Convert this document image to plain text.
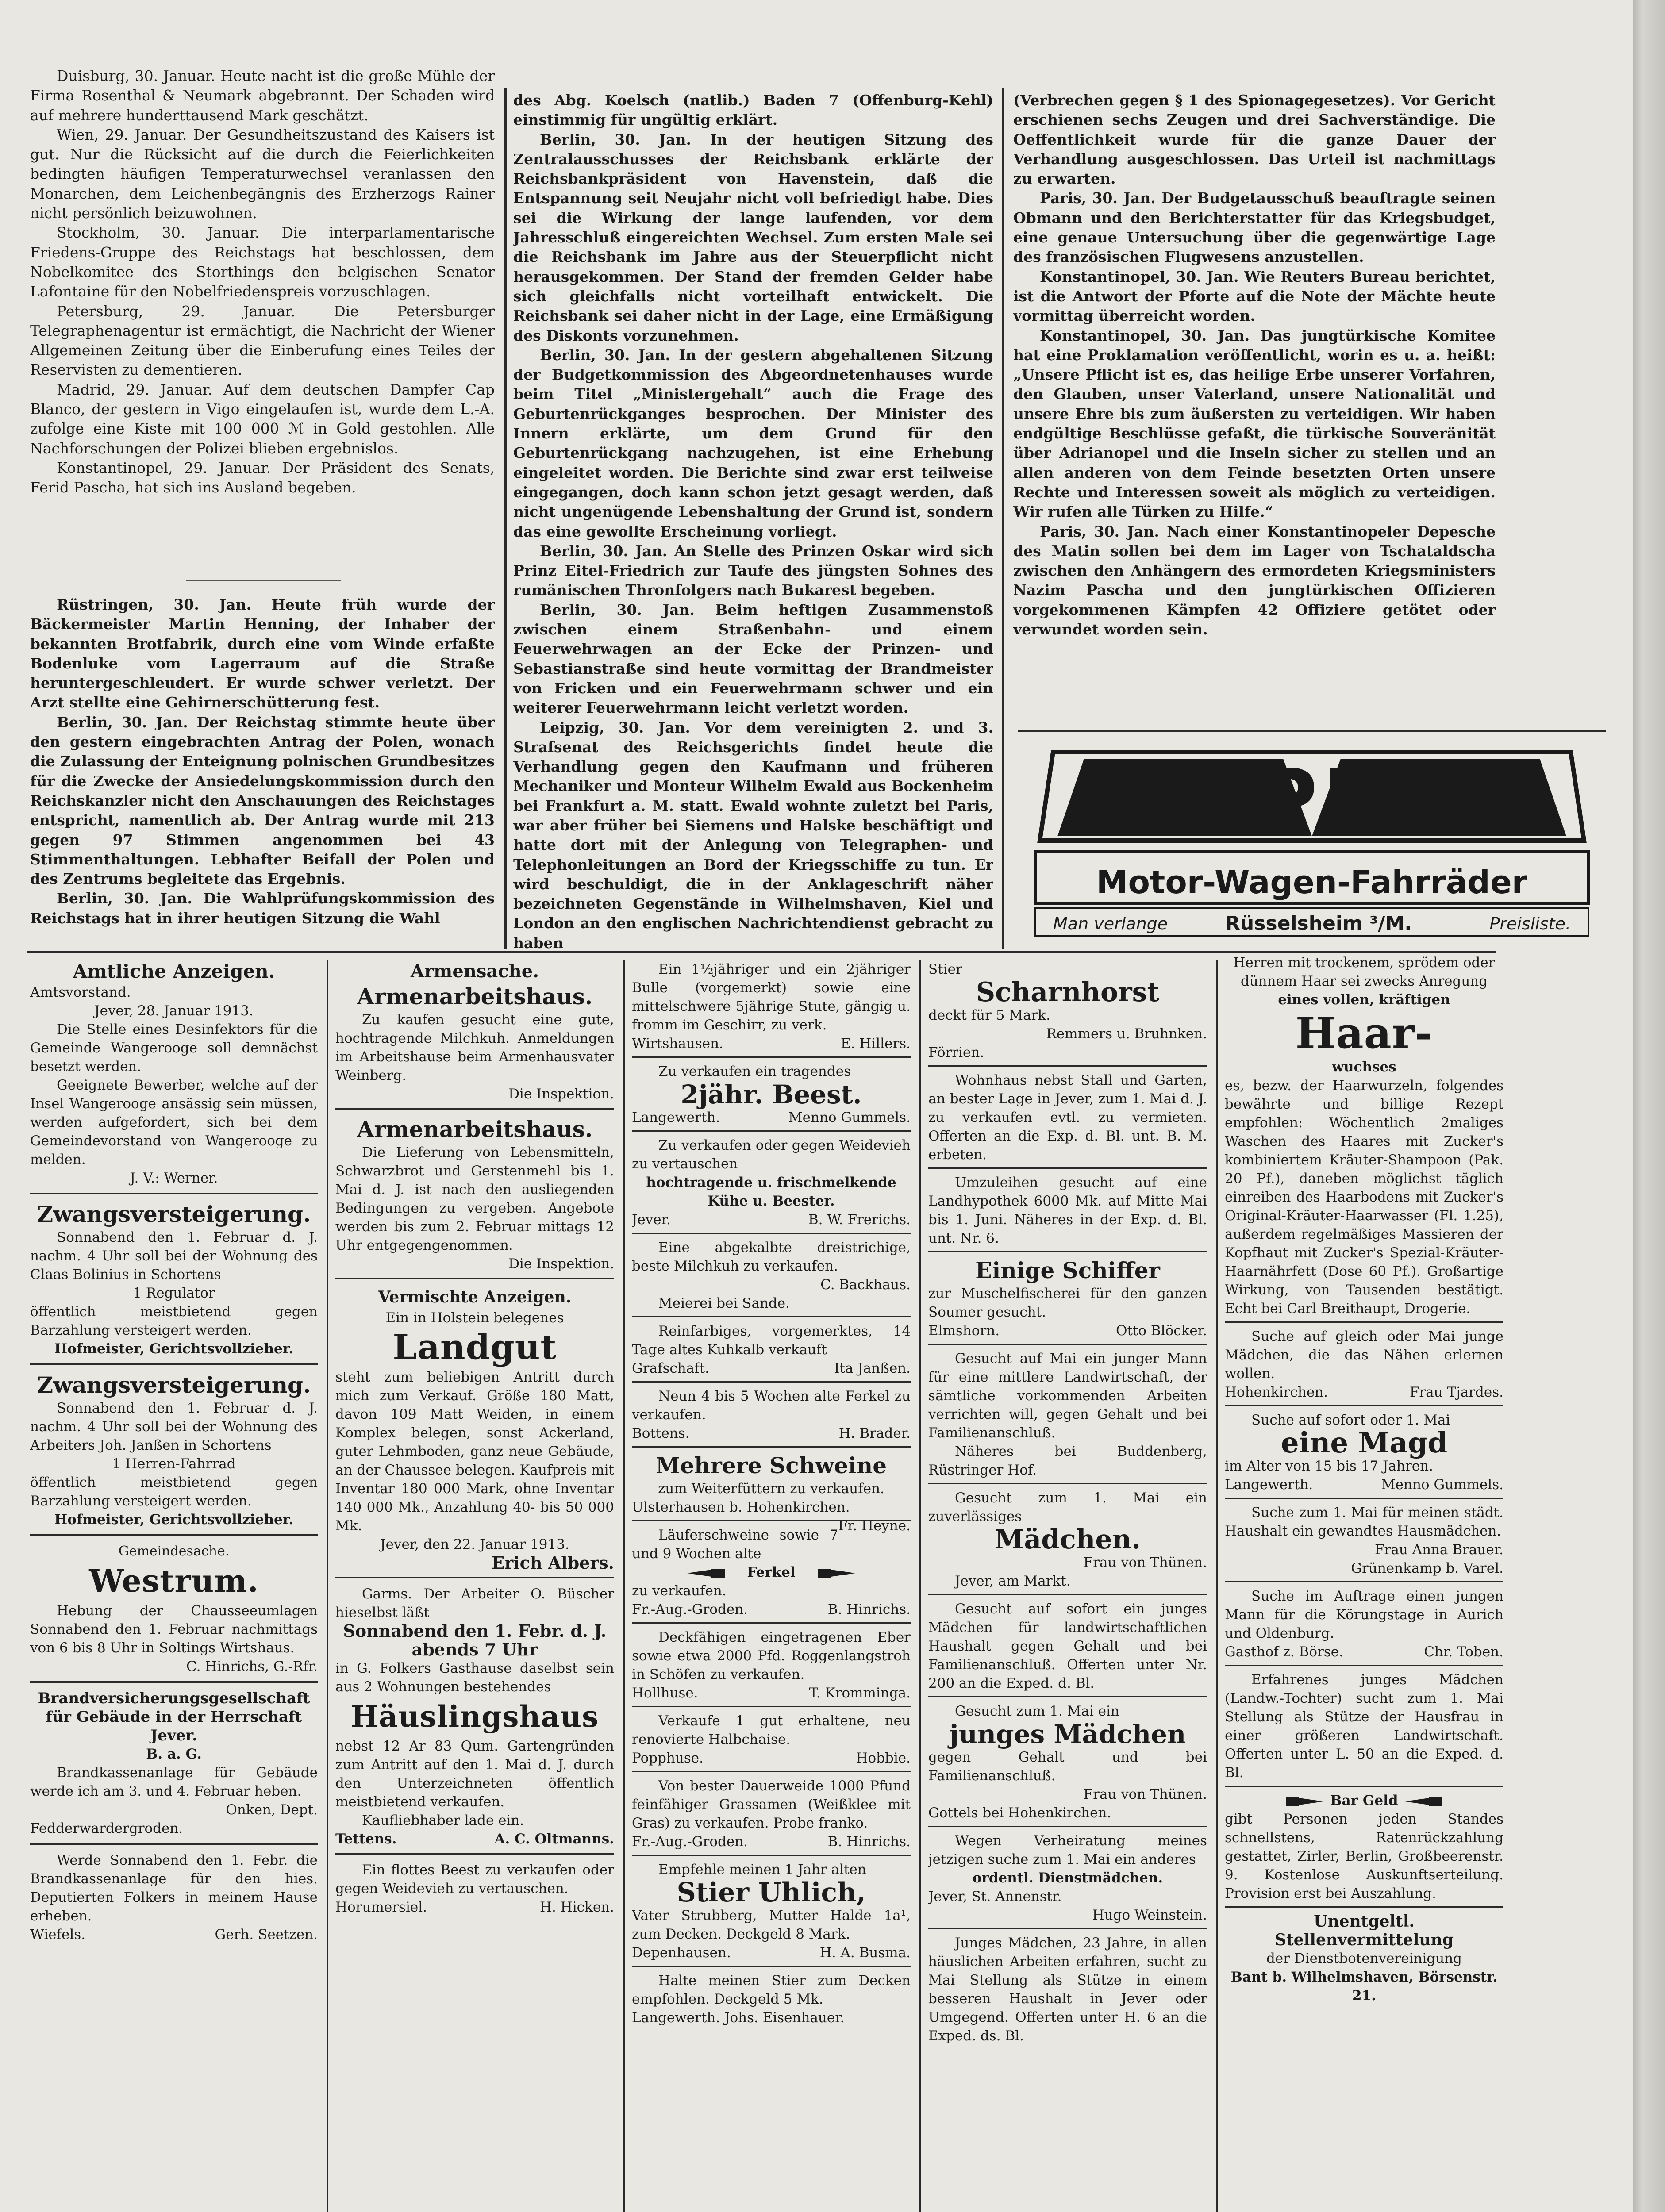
Duisburg, 30. Januar. Heute nacht ist die große Mühle der Firma Rosenthal & Neumark abgebrannt. Der Schaden wird auf mehrere hunderttausend Mark geschätzt.

Wien, 29. Januar. Der Gesundheitszustand des Kaisers ist gut. Nur die Rücksicht auf die durch die Feierlichkeiten bedingten häufigen Temperaturwechsel veranlassen den Monarchen, dem Leichenbegängnis des Erzherzogs Rainer nicht persönlich beizuwohnen.

Stockholm, 30. Januar. Die interparlamentarische Friedens-Gruppe des Reichstags hat beschlossen, dem Nobelkomitee des Storthings den belgischen Senator Lafontaine für den Nobelfriedenspreis vorzuschlagen.

Petersburg, 29. Januar. Die Petersburger Telegraphenagentur ist ermächtigt, die Nachricht der Wiener Allgemeinen Zeitung über die Einberufung eines Teiles der Reservisten zu dementieren.

Madrid, 29. Januar. Auf dem deutschen Dampfer Cap Blanco, der gestern in Vigo eingelaufen ist, wurde dem L.-A. zufolge eine Kiste mit 100 000 ℳ in Gold gestohlen. Alle Nachforschungen der Polizei blieben ergebnislos.

Konstantinopel, 29. Januar. Der Präsident des Senats, Ferid Pascha, hat sich ins Ausland begeben.

Rüstringen, 30. Jan. Heute früh wurde der Bäckermeister Martin Henning, der Inhaber der bekannten Brotfabrik, durch eine vom Winde erfaßte Bodenluke vom Lagerraum auf die Straße heruntergeschleudert. Er wurde schwer verletzt. Der Arzt stellte eine Gehirnerschütterung fest.

Berlin, 30. Jan. Der Reichstag stimmte heute über den gestern eingebrachten Antrag der Polen, wonach die Zulassung der Enteignung polnischen Grundbesitzes für die Zwecke der Ansiedelungskommission durch den Reichskanzler nicht den Anschauungen des Reichstages entspricht, namentlich ab. Der Antrag wurde mit 213 gegen 97 Stimmen angenommen bei 43 Stimmenthaltungen. Lebhafter Beifall der Polen und des Zentrums begleitete das Ergebnis.

Berlin, 30. Jan. Die Wahlprüfungskommission des Reichstags hat in ihrer heutigen Sitzung die Wahl

des Abg. Koelsch (natlib.) Baden 7 (Offenburg-Kehl) einstimmig für ungültig erklärt.

Berlin, 30. Jan. In der heutigen Sitzung des Zentralausschusses der Reichsbank erklärte der Reichsbankpräsident von Havenstein, daß die Entspannung seit Neujahr nicht voll befriedigt habe. Dies sei die Wirkung der lange laufenden, vor dem Jahresschluß eingereichten Wechsel. Zum ersten Male sei die Reichsbank im Jahre aus der Steuerpflicht nicht herausgekommen. Der Stand der fremden Gelder habe sich gleichfalls nicht vorteilhaft entwickelt. Die Reichsbank sei daher nicht in der Lage, eine Ermäßigung des Diskonts vorzunehmen.

Berlin, 30. Jan. In der gestern abgehaltenen Sitzung der Budgetkommission des Abgeordnetenhauses wurde beim Titel „Ministergehalt“ auch die Frage des Geburtenrückganges besprochen. Der Minister des Innern erklärte, um dem Grund für den Geburtenrückgang nachzugehen, ist eine Erhebung eingeleitet worden. Die Berichte sind zwar erst teilweise eingegangen, doch kann schon jetzt gesagt werden, daß nicht ungenügende Lebenshaltung der Grund ist, sondern das eine gewollte Erscheinung vorliegt.

Berlin, 30. Jan. An Stelle des Prinzen Oskar wird sich Prinz Eitel-Friedrich zur Taufe des jüngsten Sohnes des rumänischen Thronfolgers nach Bukarest begeben.

Berlin, 30. Jan. Beim heftigen Zusammenstoß zwischen einem Straßenbahn- und einem Feuerwehrwagen an der Ecke der Prinzen- und Sebastianstraße sind heute vormittag der Brandmeister von Fricken und ein Feuerwehrmann schwer und ein weiterer Feuerwehrmann leicht verletzt worden.

Leipzig, 30. Jan. Vor dem vereinigten 2. und 3. Strafsenat des Reichsgerichts findet heute die Verhandlung gegen den Kaufmann und früheren Mechaniker und Monteur Wilhelm Ewald aus Bockenheim bei Frankfurt a. M. statt. Ewald wohnte zuletzt bei Paris, war aber früher bei Siemens und Halske beschäftigt und hatte dort mit der Anlegung von Telegraphen- und Telephonleitungen an Bord der Kriegsschiffe zu tun. Er wird beschuldigt, die in der Anklageschrift näher bezeichneten Gegenstände in Wilhelmshaven, Kiel und London an den englischen Nachrichtendienst gebracht zu haben

(Verbrechen gegen § 1 des Spionagegesetzes). Vor Gericht erschienen sechs Zeugen und drei Sachverständige. Die Oeffentlichkeit wurde für die ganze Dauer der Verhandlung ausgeschlossen. Das Urteil ist nachmittags zu erwarten.

Paris, 30. Jan. Der Budgetausschuß beauftragte seinen Obmann und den Berichterstatter für das Kriegsbudget, eine genaue Untersuchung über die gegenwärtige Lage des französischen Flugwesens anzustellen.

Konstantinopel, 30. Jan. Wie Reuters Bureau berichtet, ist die Antwort der Pforte auf die Note der Mächte heute vormittag überreicht worden.

Konstantinopel, 30. Jan. Das jungtürkische Komitee hat eine Proklamation veröffentlicht, worin es u. a. heißt: „Unsere Pflicht ist es, das heilige Erbe unserer Vorfahren, den Glauben, unser Vaterland, unsere Nationalität und unsere Ehre bis zum äußersten zu verteidigen. Wir haben endgültige Beschlüsse gefaßt, die türkische Souveränität über Adrianopel und die Inseln sicher zu stellen und an allen anderen von dem Feinde besetzten Orten unsere Rechte und Interessen soweit als möglich zu verteidigen. Wir rufen alle Türken zu Hilfe.“

Paris, 30. Jan. Nach einer Konstantinopeler Depesche des Matin sollen bei dem im Lager von Tschataldscha zwischen den Anhängern des ermordeten Kriegsministers Nazim Pascha und den jungtürkischen Offizieren vorgekommenen Kämpfen 42 Offiziere getötet oder verwundet worden sein.

OPEL
Motor-Wagen-Fahrräder
Man verlange	Rüsselsheim ³/M.	Preisliste.
Amtliche Anzeigen.

Amtsvorstand.

Jever, 28. Januar 1913.

Die Stelle eines Desinfektors für die Gemeinde Wangerooge soll demnächst besetzt werden.

Geeignete Bewerber, welche auf der Insel Wangerooge ansässig sein müssen, werden aufgefordert, sich bei dem Gemeindevorstand von Wangerooge zu melden.

J. V.: Werner.

Zwangsversteigerung.

Sonnabend den 1. Februar d. J. nachm. 4 Uhr soll bei der Wohnung des Claas Bolinius in Schortens

1 Regulator

öffentlich meistbietend gegen Barzahlung versteigert werden.

Hofmeister, Gerichtsvollzieher.

Zwangsversteigerung.

Sonnabend den 1. Februar d. J. nachm. 4 Uhr soll bei der Wohnung des Arbeiters Joh. Janßen in Schortens

1 Herren-Fahrrad

öffentlich meistbietend gegen Barzahlung versteigert werden.

Hofmeister, Gerichtsvollzieher.

Gemeindesache.

Westrum.

Hebung der Chausseeumlagen Sonnabend den 1. Februar nachmittags von 6 bis 8 Uhr in Soltings Wirtshaus.

C. Hinrichs, G.-Rfr.

Brandversicherungsgesellschaft für Gebäude in der Herrschaft Jever.

B. a. G.

Brandkassenanlage für Gebäude werde ich am 3. und 4. Februar heben.

Onken, Dept.

Fedderwardergroden.

Werde Sonnabend den 1. Febr. die Brandkassenanlage für den hies. Deputierten Folkers in meinem Hause erheben.

Wiefels.	Gerh. Seetzen.

Armensache.
Armenarbeitshaus.

Zu kaufen gesucht eine gute, hochtragende Milchkuh. Anmeldungen im Arbeitshause beim Armenhausvater Weinberg.

Die Inspektion.

Armenarbeitshaus.

Die Lieferung von Lebensmitteln, Schwarzbrot und Gerstenmehl bis 1. Mai d. J. ist nach den ausliegenden Bedingungen zu vergeben. Angebote werden bis zum 2. Februar mittags 12 Uhr entgegengenommen.

Die Inspektion.

Vermischte Anzeigen.

Ein in Holstein belegenes

Landgut

steht zum beliebigen Antritt durch mich zum Verkauf. Größe 180 Matt, davon 109 Matt Weiden, in einem Komplex belegen, sonst Ackerland, guter Lehmboden, ganz neue Gebäude, an der Chaussee belegen. Kaufpreis mit Inventar 180 000 Mark, ohne Inventar 140 000 Mk., Anzahlung 40- bis 50 000 Mk.

Jever, den 22. Januar 1913.

Erich Albers.

Garms. Der Arbeiter O. Büscher hieselbst läßt

Sonnabend den 1. Febr. d. J.

abends 7 Uhr

in G. Folkers Gasthause daselbst sein aus 2 Wohnungen bestehendes

Häuslingshaus

nebst 12 Ar 83 Qum. Gartengründen zum Antritt auf den 1. Mai d. J. durch den Unterzeichneten öffentlich meistbietend verkaufen.

Kaufliebhaber lade ein.

Tettens.	A. C. Oltmanns.

Ein flottes Beest zu verkaufen oder gegen Weidevieh zu vertauschen.

Horumersiel.	H. Hicken.

Ein 1½jähriger und ein 2jähriger Bulle (vorgemerkt) sowie eine mittelschwere 5jährige Stute, gängig u. fromm im Geschirr, zu verk.

Wirtshausen.	E. Hillers.

Zu verkaufen ein tragendes

2jähr. Beest.

Langewerth.	Menno Gummels.

Zu verkaufen oder gegen Weidevieh zu vertauschen

hochtragende u. frischmelkende Kühe u. Beester.

Jever.	B. W. Frerichs.

Eine abgekalbte dreistrichige, beste Milchkuh zu verkaufen.

C. Backhaus.

Meierei bei Sande.

Reinfarbiges, vorgemerktes, 14 Tage altes Kuhkalb verkauft

Grafschaft.	Ita Janßen.

Neun 4 bis 5 Wochen alte Ferkel zu verkaufen.

Bottens.	H. Brader.

Mehrere Schweine

zum Weiterfüttern zu verkaufen.

Ulsterhausen b. Hohenkirchen.
Fr. Heyne.

Läuferschweine sowie 7 und 9 Wochen alte

Ferkel

zu verkaufen.

Fr.-Aug.-Groden.	B. Hinrichs.

Deckfähigen eingetragenen Eber sowie etwa 2000 Pfd. Roggenlangstroh in Schöfen zu verkaufen.

Hollhuse.	T. Kromminga.

Verkaufe 1 gut erhaltene, neu renovierte Halbchaise.

Popphuse.	Hobbie.

Von bester Dauerweide 1000 Pfund feinfähiger Grassamen (Weißklee mit Gras) zu verkaufen. Probe franko.

Fr.-Aug.-Groden.	B. Hinrichs.

Empfehle meinen 1 Jahr alten

Stier Uhlich,

Vater Strubberg, Mutter Halde 1a¹, zum Decken. Deckgeld 8 Mark.

Depenhausen.	H. A. Busma.

Halte meinen Stier zum Decken empfohlen. Deckgeld 5 Mk.

Langewerth. Johs. Eisenhauer.

Stier

Scharnhorst

deckt für 5 Mark.

Remmers u. Bruhnken.

Förrien.

Wohnhaus nebst Stall und Garten, an bester Lage in Jever, zum 1. Mai d. J. zu verkaufen evtl. zu vermieten. Offerten an die Exp. d. Bl. unt. B. M. erbeten.

Umzuleihen gesucht auf eine Landhypothek 6000 Mk. auf Mitte Mai bis 1. Juni. Näheres in der Exp. d. Bl. unt. Nr. 6.

Einige Schiffer

zur Muschelfischerei für den ganzen Soumer gesucht.

Elmshorn.	Otto Blöcker.

Gesucht auf Mai ein junger Mann für eine mittlere Landwirtschaft, der sämtliche vorkommenden Arbeiten verrichten will, gegen Gehalt und bei Familienanschluß.

Näheres bei Buddenberg, Rüstringer Hof.

Gesucht zum 1. Mai ein zuverlässiges

Mädchen.

Frau von Thünen.

Jever, am Markt.

Gesucht auf sofort ein junges Mädchen für landwirtschaftlichen Haushalt gegen Gehalt und bei Familienanschluß. Offerten unter Nr. 200 an die Exped. d. Bl.

Gesucht zum 1. Mai ein

junges Mädchen

gegen Gehalt und bei Familienanschluß.

Frau von Thünen.

Gottels bei Hohenkirchen.

Wegen Verheiratung meines jetzigen suche zum 1. Mai ein anderes

ordentl. Dienstmädchen.

Jever, St. Annenstr.

Hugo Weinstein.

Junges Mädchen, 23 Jahre, in allen häuslichen Arbeiten erfahren, sucht zu Mai Stellung als Stütze in einem besseren Haushalt in Jever oder Umgegend. Offerten unter H. 6 an die Exped. ds. Bl.

Herren mit trockenem, sprödem oder dünnem Haar sei zwecks Anregung

eines vollen, kräftigen

Haar-

wuchses

es, bezw. der Haarwurzeln, folgendes bewährte und billige Rezept empfohlen: Wöchentlich 2maliges Waschen des Haares mit Zucker's kombiniertem Kräuter-Shampoon (Pak. 20 Pf.), daneben möglichst täglich einreiben des Haarbodens mit Zucker's Original-Kräuter-Haarwasser (Fl. 1.25), außerdem regelmäßiges Massieren der Kopfhaut mit Zucker's Spezial-Kräuter-Haarnährfett (Dose 60 Pf.). Großartige Wirkung, von Tausenden bestätigt. Echt bei Carl Breithaupt, Drogerie.

Suche auf gleich oder Mai junge Mädchen, die das Nähen erlernen wollen.

Hohenkirchen.	Frau Tjardes.

Suche auf sofort oder 1. Mai

eine Magd

im Alter von 15 bis 17 Jahren.

Langewerth.	Menno Gummels.

Suche zum 1. Mai für meinen städt. Haushalt ein gewandtes Hausmädchen.

Frau Anna Brauer.

Grünenkamp b. Varel.

Suche im Auftrage einen jungen Mann für die Körungstage in Aurich und Oldenburg.

Gasthof z. Börse.	Chr. Toben.

Erfahrenes junges Mädchen (Landw.-Tochter) sucht zum 1. Mai Stellung als Stütze der Hausfrau in einer größeren Landwirtschaft. Offerten unter L. 50 an die Exped. d. Bl.

Bar Geld

gibt Personen jeden Standes schnellstens, Ratenrückzahlung gestattet, Zirler, Berlin, Großbeerenstr. 9. Kostenlose Auskunftserteilung. Provision erst bei Auszahlung.

Unentgeltl. Stellenvermittelung

der Dienstbotenvereinigung

Bant b. Wilhelmshaven, Börsenstr. 21.
